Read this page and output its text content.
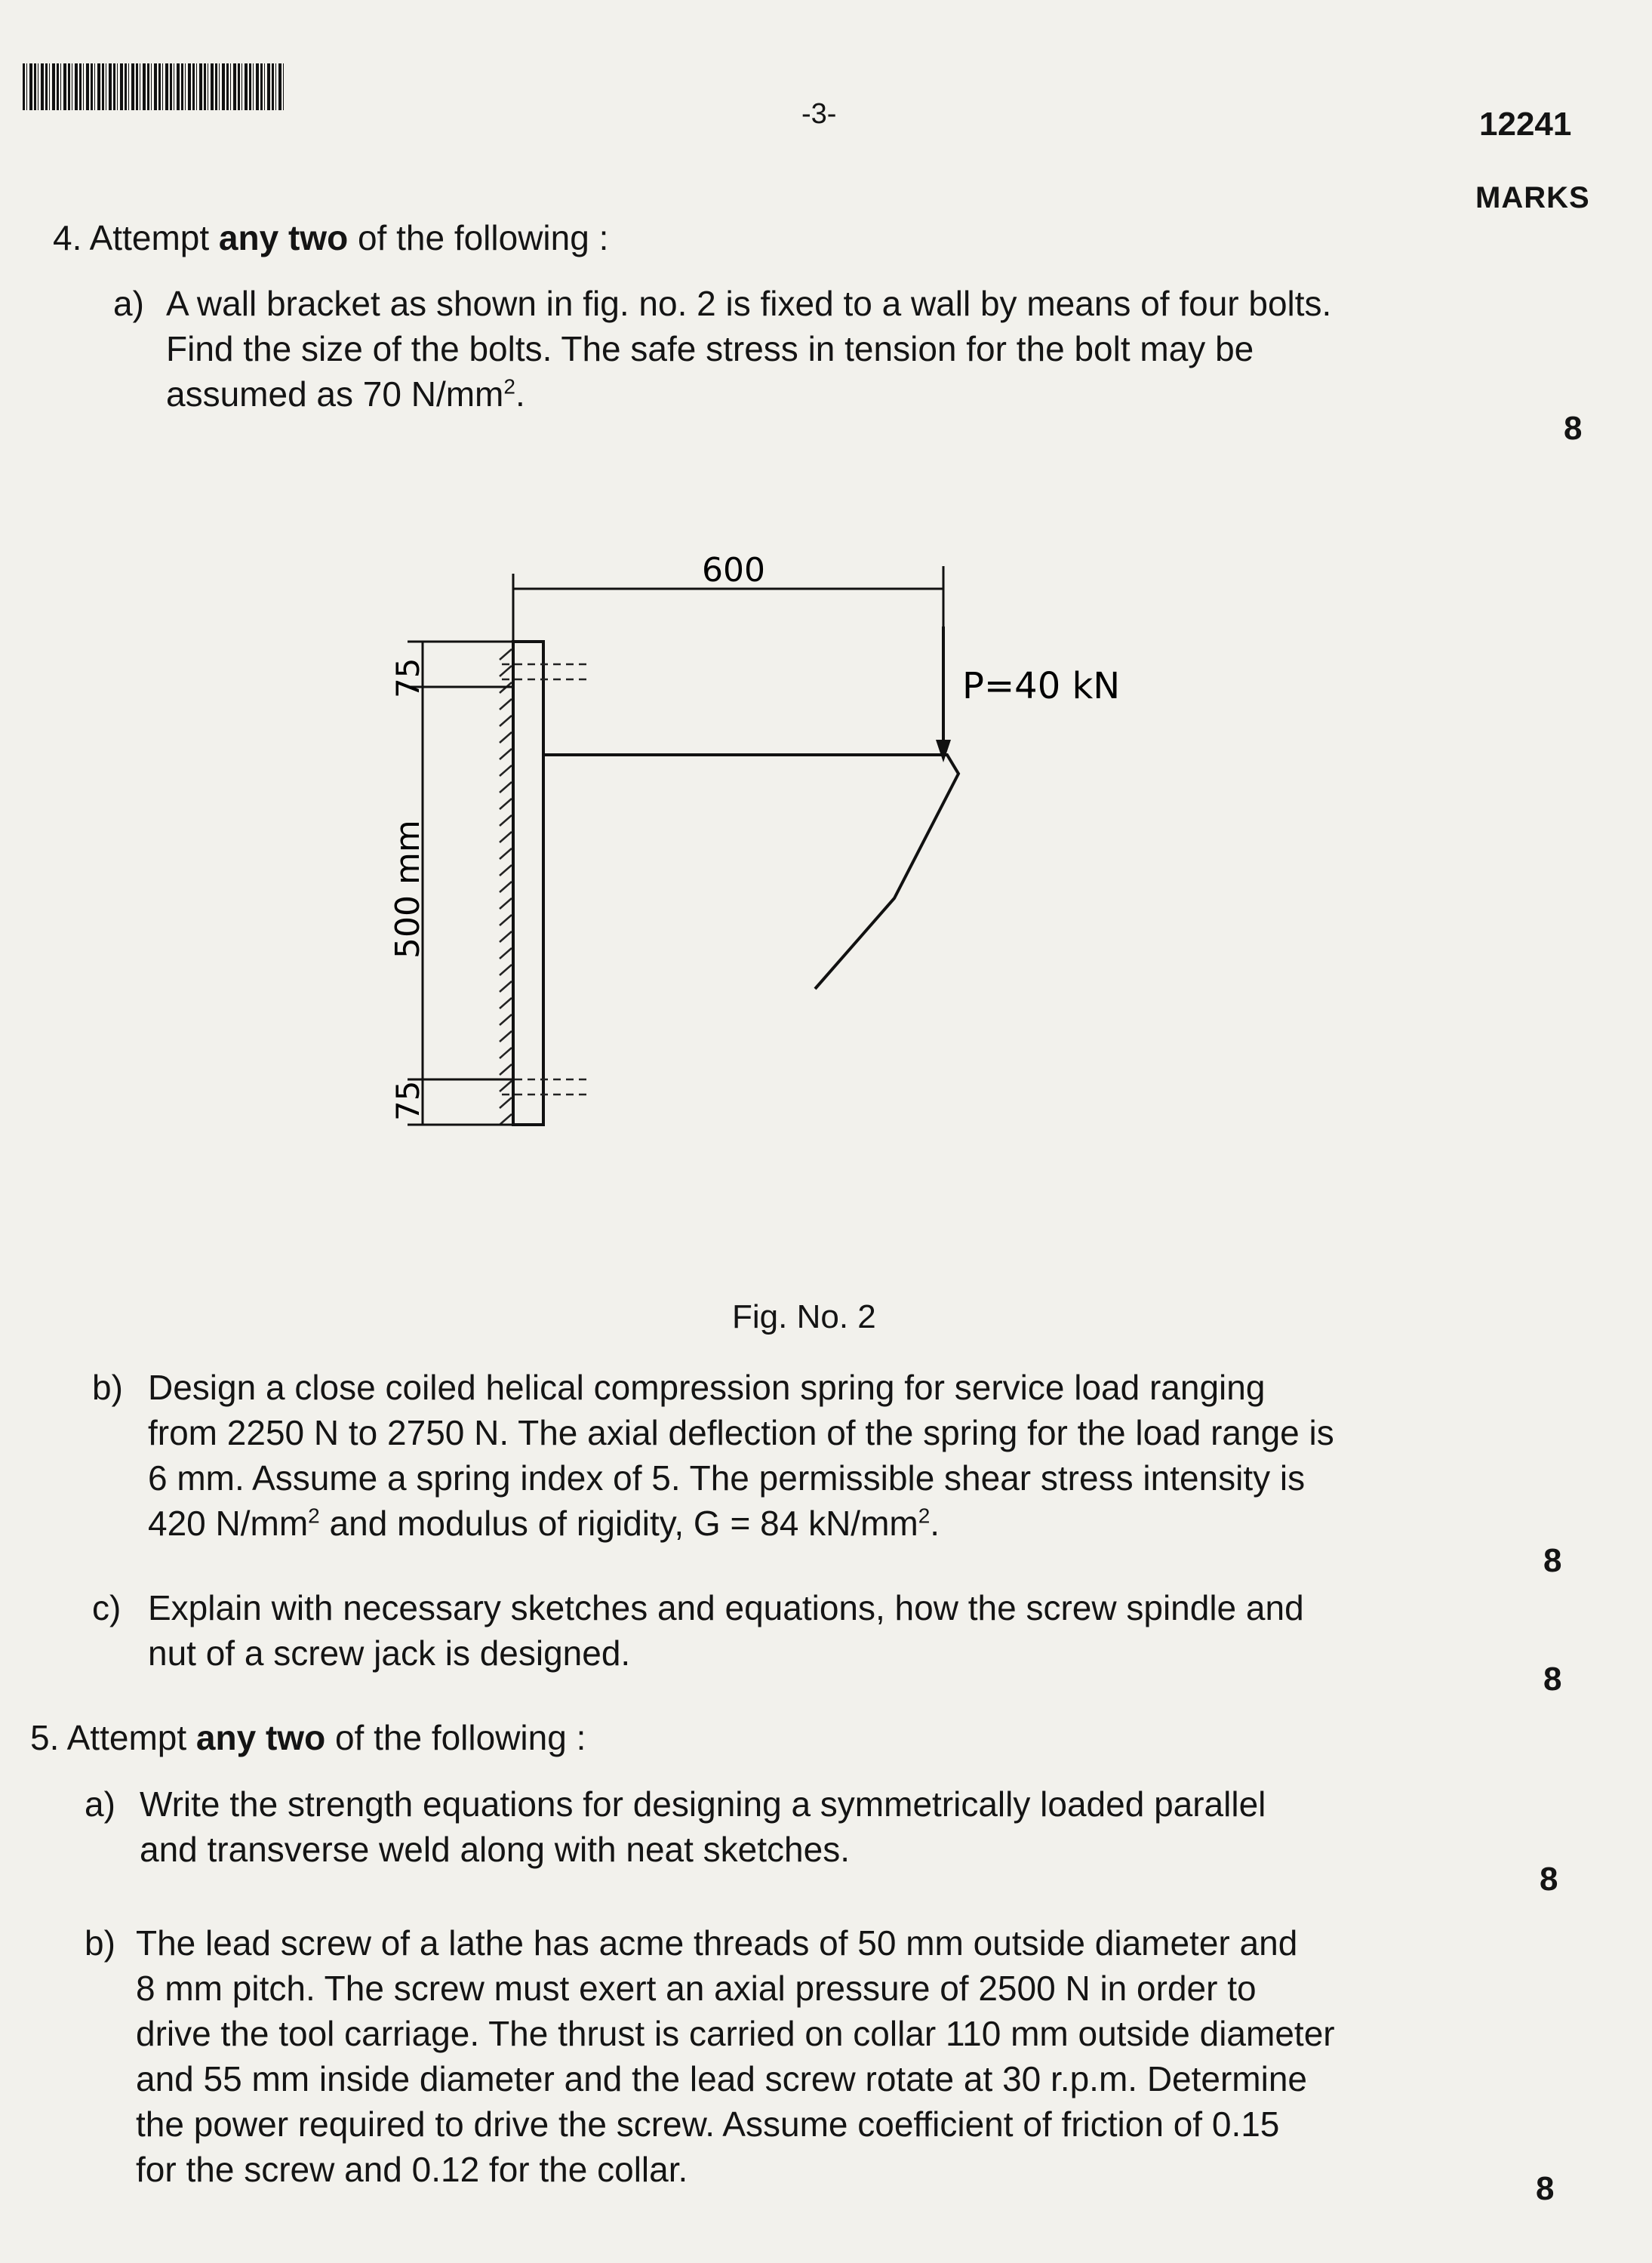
-3-	12241
MARKS
4. Attempt any two of the following :
a) A wall bracket as shown in fig. no. 2 is fixed to a wall by means of four bolts.
Find the size of the bolts. The safe stress in tension for the bolt may be
assumed as 70 $N/mm^2$.
8
600
P=40 kN
75
500 mm
75
Fig. No. 2
b) Design a close coiled helical compression spring for service load ranging
from 2250 N to 2750 N. The axial deflection of the spring for the load range is
6 mm. Assume a spring index of 5. The permissible shear stress intensity is
420 $N/mm^2$ and modulus of rigidity, G = 84 $kN/mm^2$.
8
c) Explain with necessary sketches and equations, how the screw spindle and
nut of a screw jack is designed.
8
5. Attempt any two of the following :
a) Write the strength equations for designing a symmetrically loaded parallel
and transverse weld along with neat sketches.
8
b) The lead screw of a lathe has acme threads of 50 mm outside diameter and
8 mm pitch. The screw must exert an axial pressure of 2500 N in order to
drive the tool carriage. The thrust is carried on collar 110 mm outside diameter
and 55 mm inside diameter and the lead screw rotate at 30 r.p.m. Determine
the power required to drive the screw. Assume coefficient of friction of 0.15
for the screw and 0.12 for the collar.	8
